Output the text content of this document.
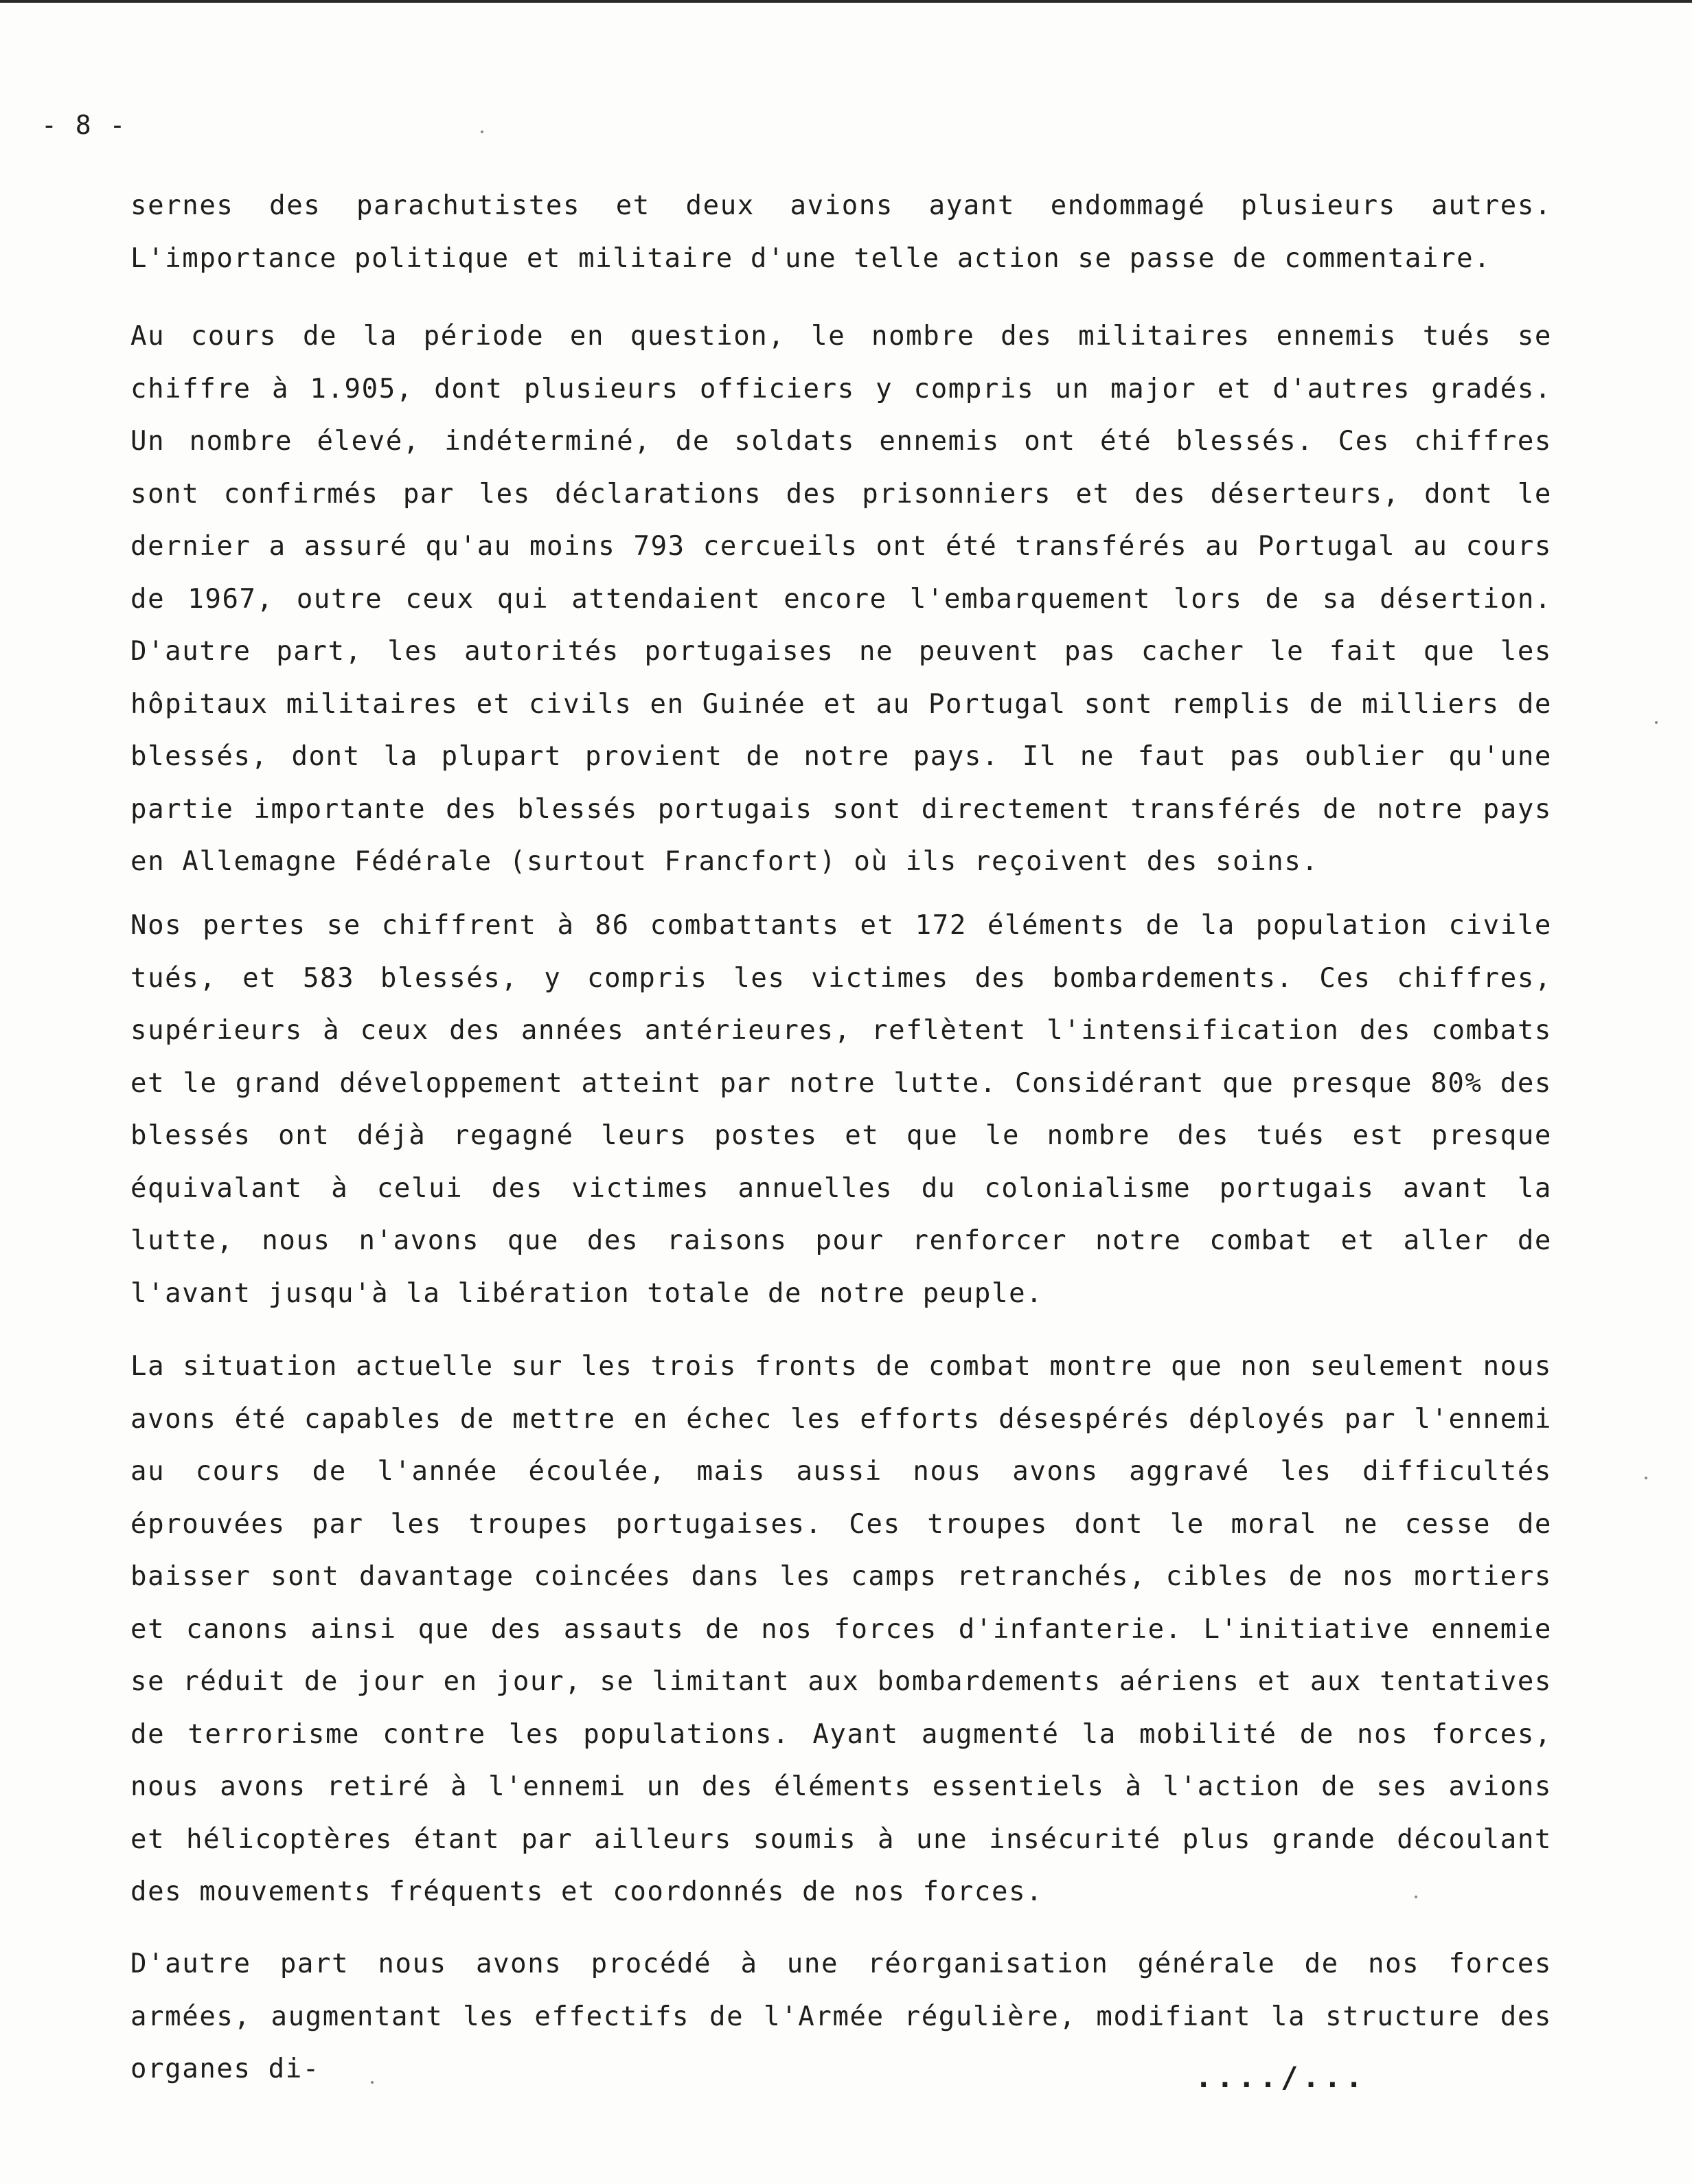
- 8 -

sernes des parachutistes et deux avions ayant endommagé plusieurs autres. L'importance politique et militaire d'une telle action se passe de commentaire.

Au cours de la période en question, le nombre des militaires ennemis tués se chiffre à 1.905, dont plusieurs officiers y compris un major et d'autres gradés. Un nombre élevé, indéterminé, de soldats ennemis ont été blessés. Ces chiffres sont confirmés par les déclarations des prisonniers et des déserteurs, dont le dernier a assuré qu'au moins 793 cercueils ont été transférés au Portugal au cours de 1967, outre ceux qui attendaient encore l'embarquement lors de sa désertion. D'autre part, les autorités portugaises ne peuvent pas cacher le fait que les hôpitaux militaires et civils en Guinée et au Portugal sont remplis de milliers de blessés, dont la plupart provient de notre pays. Il ne faut pas oublier qu'une partie importante des blessés portugais sont directement transférés de notre pays en Allemagne Fédérale (surtout Francfort) où ils reçoivent des soins.

Nos pertes se chiffrent à 86 combattants et 172 éléments de la population civile tués, et 583 blessés, y compris les victimes des bombardements. Ces chiffres, supérieurs à ceux des années antérieures, reflètent l'intensification des combats et le grand développement atteint par notre lutte. Considérant que presque 80% des blessés ont déjà regagné leurs postes et que le nombre des tués est presque équivalant à celui des victimes annuelles du colonialisme portugais avant la lutte, nous n'avons que des raisons pour renforcer notre combat et aller de l'avant jusqu'à la libération totale de notre peuple.

La situation actuelle sur les trois fronts de combat montre que non seulement nous avons été capables de mettre en échec les efforts désespérés déployés par l'ennemi au cours de l'année écoulée, mais aussi nous avons aggravé les difficultés éprouvées par les troupes portugaises. Ces troupes dont le moral ne cesse de baisser sont davantage coincées dans les camps retranchés, cibles de nos mortiers et canons ainsi que des assauts de nos forces d'infanterie. L'initiative ennemie se réduit de jour en jour, se limitant aux bombardements aériens et aux tentatives de terrorisme contre les populations. Ayant augmenté la mobilité de nos forces, nous avons retiré à l'ennemi un des éléments essentiels à l'action de ses avions et hélicoptères étant par ailleurs soumis à une insécurité plus grande découlant des mouvements fréquents et coordonnés de nos forces.

D'autre part nous avons procédé à une réorganisation générale de nos forces armées, augmentant les effectifs de l'Armée régulière, modifiant la structure des organes di-	..../...
